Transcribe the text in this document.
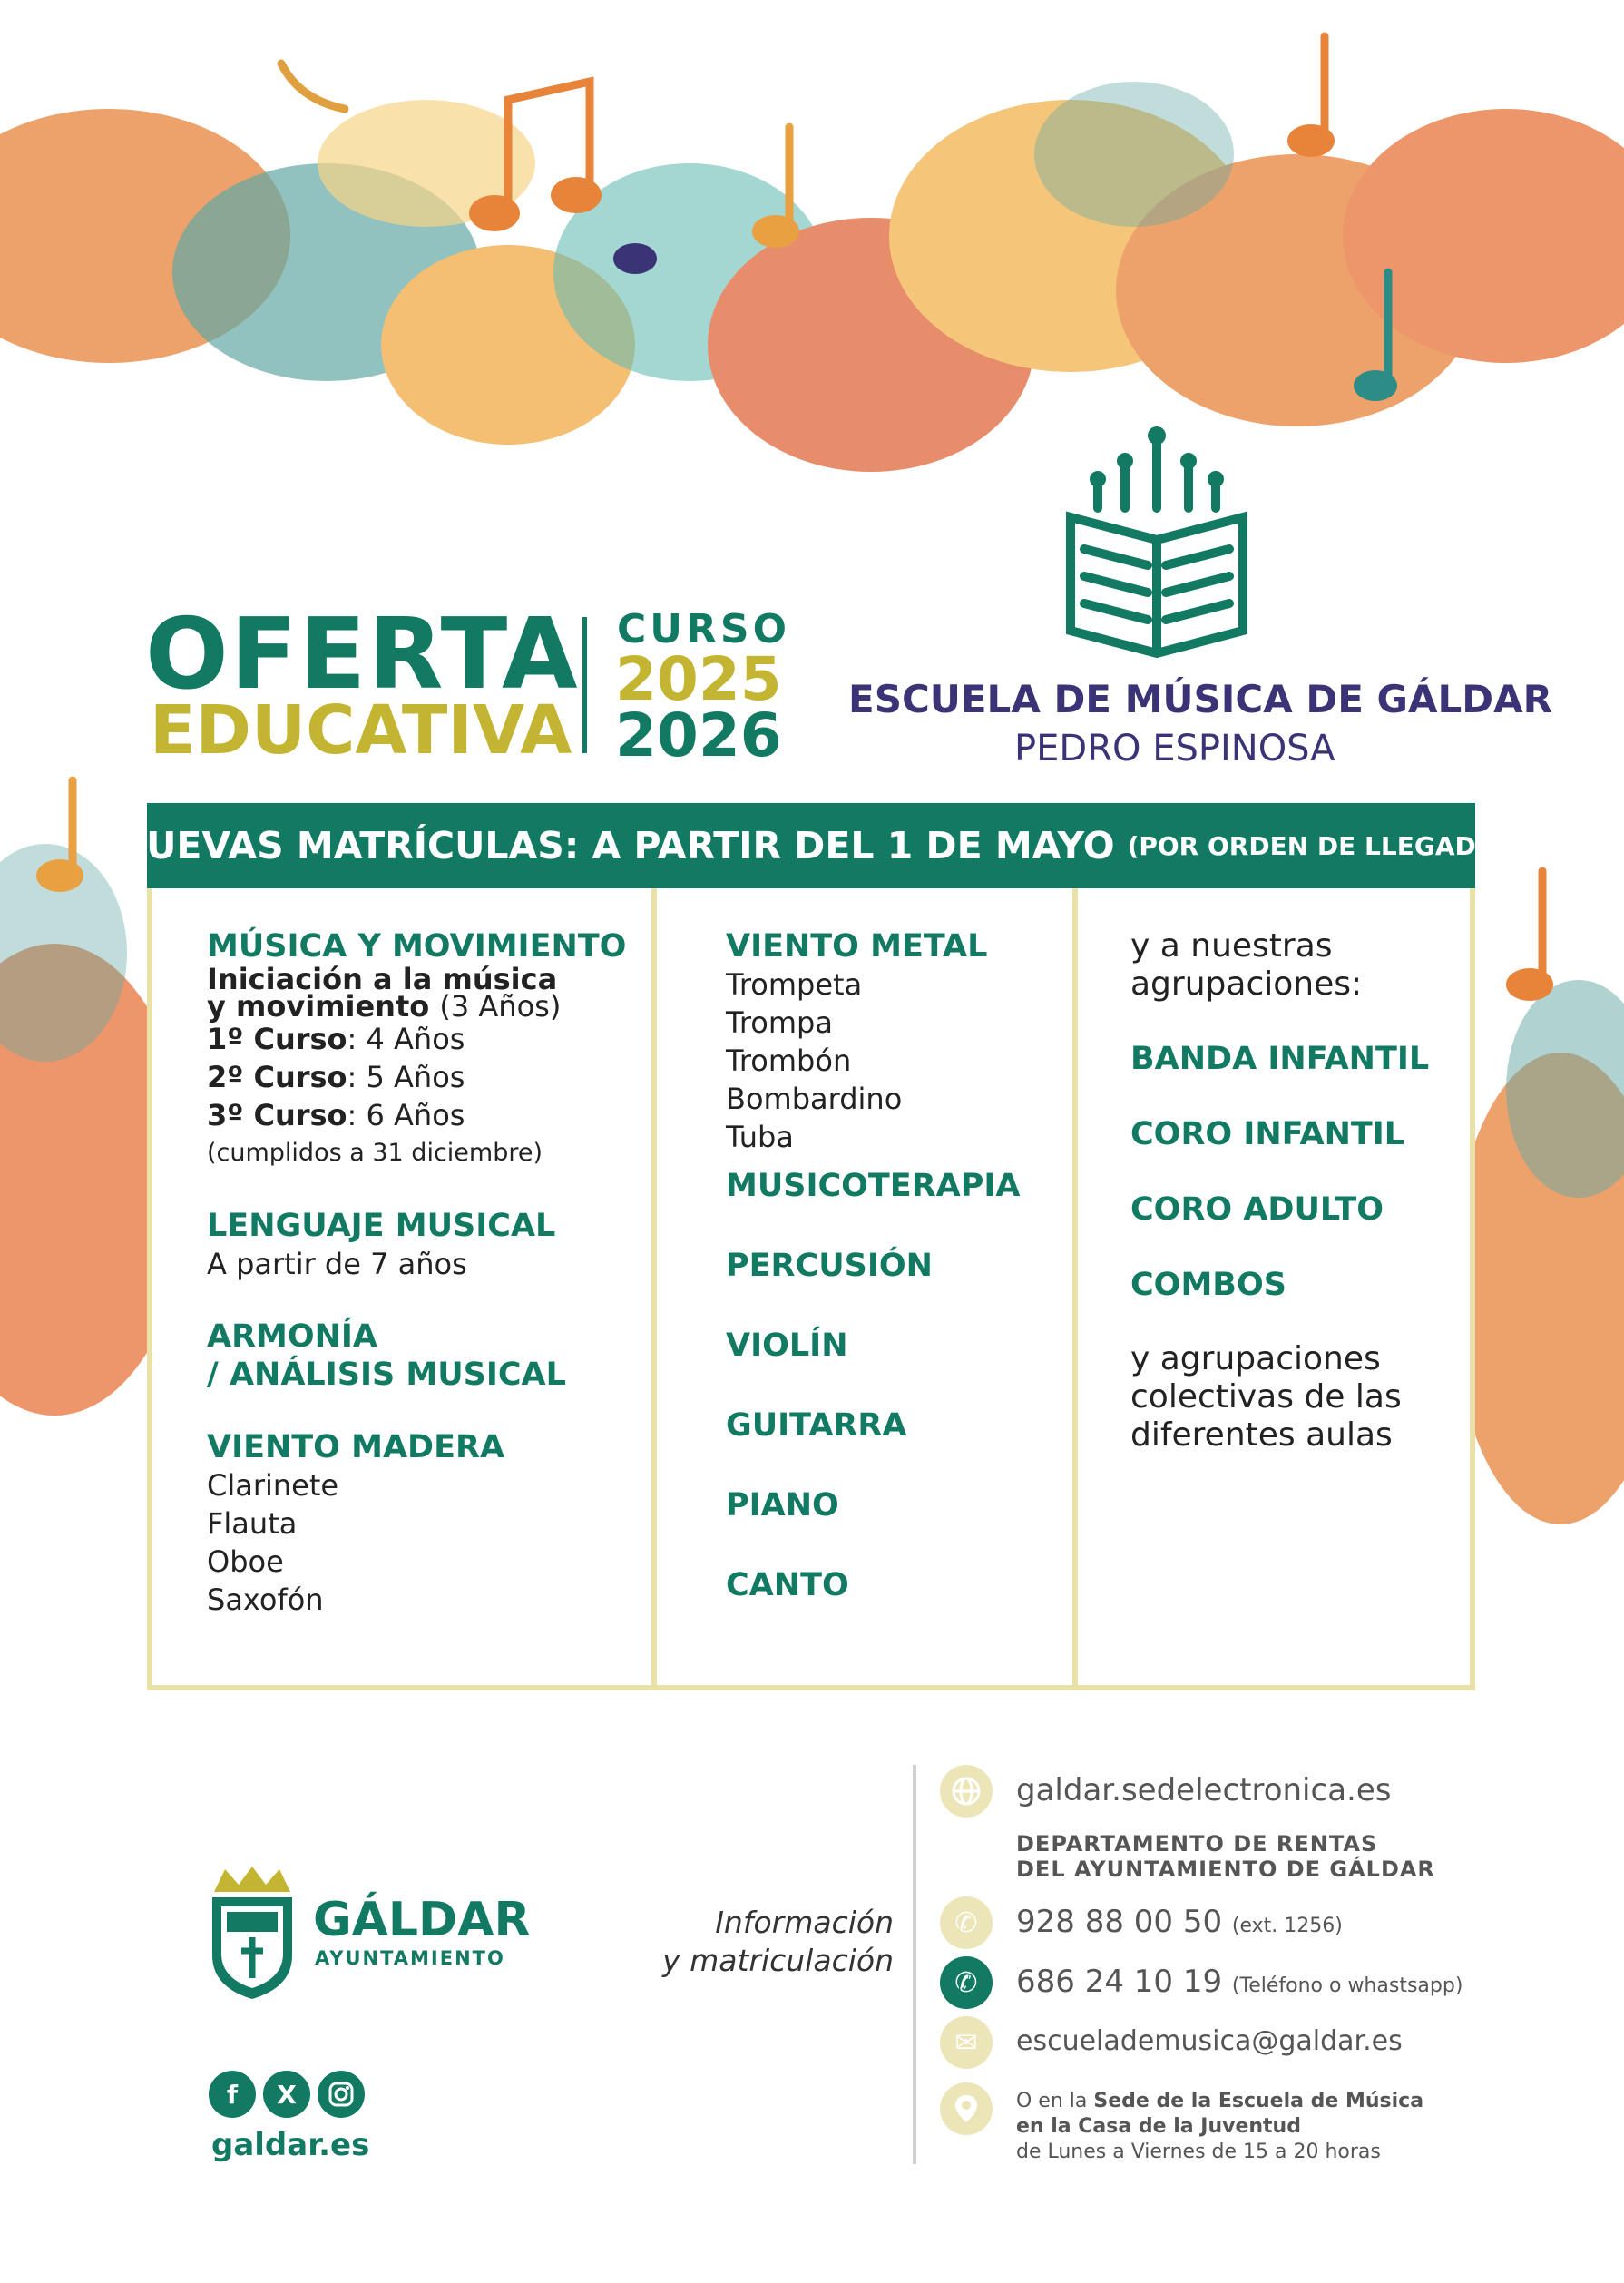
OFERTA
EDUCATIVA
CURSO
2025
2026
ESCUELA DE MÚSICA DE GÁLDAR
PEDRO ESPINOSA
NUEVAS MATRÍCULAS: A PARTIR DEL 1 DE MAYO (POR ORDEN DE LLEGADA)
MÚSICA Y MOVIMIENTO
Iniciación a la música
y movimiento (3 Años)
1º Curso: 4 Años
2º Curso: 5 Años
3º Curso: 6 Años
(cumplidos a 31 diciembre)
LENGUAJE MUSICAL
A partir de 7 años
ARMONÍA
/ ANÁLISIS MUSICAL
VIENTO MADERA
Clarinete
Flauta
Oboe
Saxofón
VIENTO METAL
Trompeta
Trompa
Trombón
Bombardino
Tuba
MUSICOTERAPIA
PERCUSIÓN
VIOLÍN
GUITARRA
PIANO
CANTO
y a nuestras
agrupaciones:
BANDA INFANTIL
CORO INFANTIL
CORO ADULTO
COMBOS
y agrupaciones
colectivas de las
diferentes aulas
GÁLDAR
AYUNTAMIENTO
f	X
galdar.es
Información
y matriculación
galdar.sedelectronica.es
DEPARTAMENTO DE RENTAS
DEL AYUNTAMIENTO DE GÁLDAR
✆	928 88 00 50 (ext. 1256)
✆	686 24 10 19 (Teléfono o whastsapp)
✉	escuelademusica@galdar.es
O en la Sede de la Escuela de Música
en la Casa de la Juventud
de Lunes a Viernes de 15 a 20 horas
